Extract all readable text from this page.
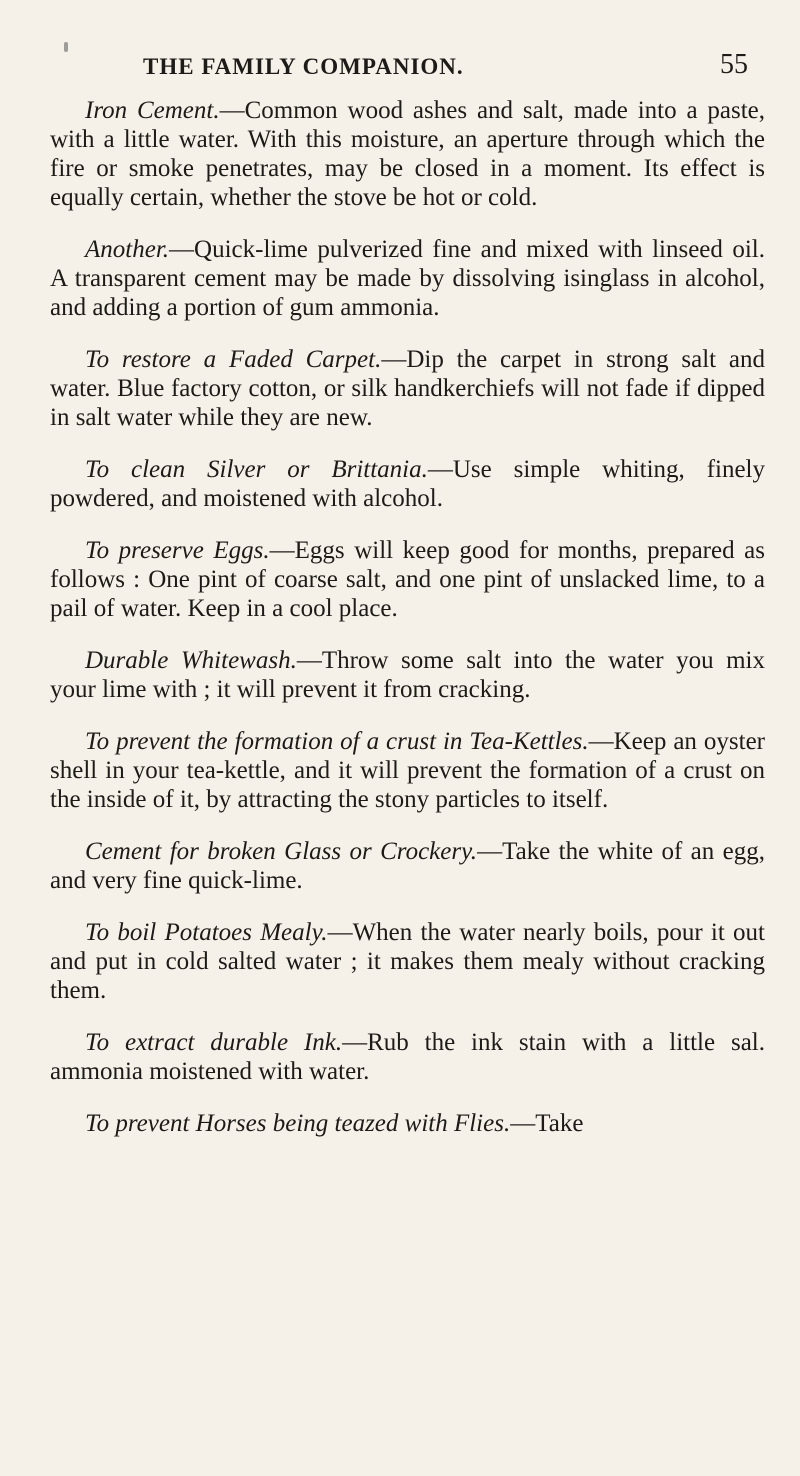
THE FAMILY COMPANION.	55

Iron Cement.—Common wood ashes and salt, made into a paste, with a little water. With this moisture, an aperture through which the fire or smoke penetrates, may be closed in a moment. Its effect is equally certain, whether the stove be hot or cold.

Another.—Quick-lime pulverized fine and mixed with linseed oil. A transparent cement may be made by dissolving isinglass in alcohol, and adding a portion of gum ammonia.

To restore a Faded Carpet.—Dip the carpet in strong salt and water. Blue factory cotton, or silk handkerchiefs will not fade if dipped in salt water while they are new.

To clean Silver or Brittania.—Use simple whiting, finely powdered, and moistened with alcohol.

To preserve Eggs.—Eggs will keep good for months, prepared as follows : One pint of coarse salt, and one pint of unslacked lime, to a pail of water. Keep in a cool place.

Durable Whitewash.—Throw some salt into the water you mix your lime with ; it will prevent it from cracking.

To prevent the formation of a crust in Tea-Kettles.—Keep an oyster shell in your tea-kettle, and it will prevent the formation of a crust on the inside of it, by attracting the stony particles to itself.

Cement for broken Glass or Crockery.—Take the white of an egg, and very fine quick-lime.

To boil Potatoes Mealy.—When the water nearly boils, pour it out and put in cold salted water ; it makes them mealy without cracking them.

To extract durable Ink.—Rub the ink stain with a little sal. ammonia moistened with water.

To prevent Horses being teazed with Flies.—Take
